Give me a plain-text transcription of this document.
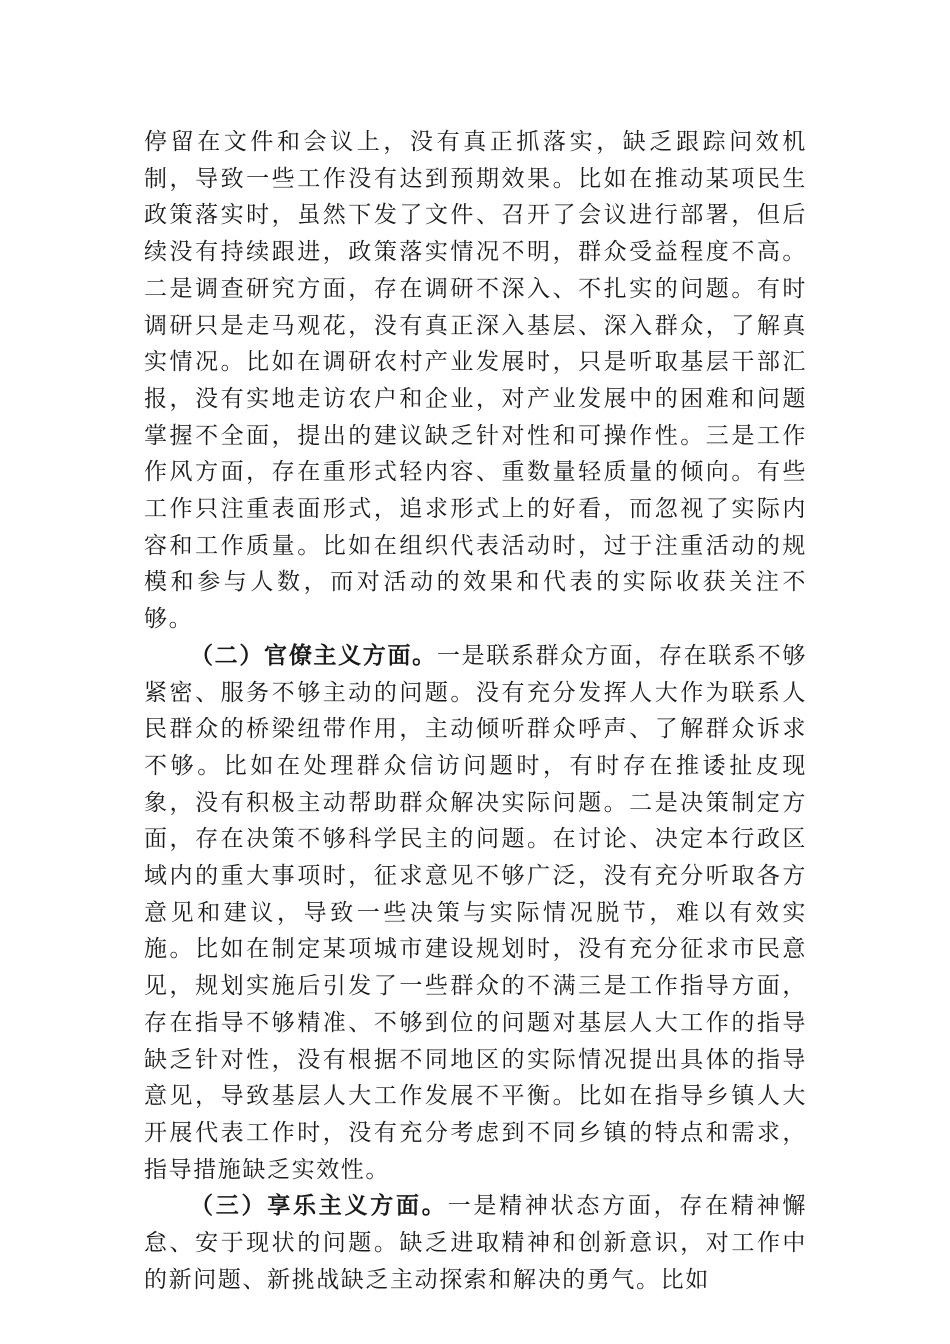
停留在文件和会议上，没有真正抓落实，缺乏跟踪问效机制，导致一些工作没有达到预期效果。比如在推动某项民生政策落实时，虽然下发了文件、召开了会议进行部署，但后续没有持续跟进，政策落实情况不明，群众受益程度不高。二是调查研究方面，存在调研不深入、不扎实的问题。有时调研只是走马观花，没有真正深入基层、深入群众，了解真实情况。比如在调研农村产业发展时，只是听取基层干部汇报，没有实地走访农户和企业，对产业发展中的困难和问题掌握不全面，提出的建议缺乏针对性和可操作性。三是工作作风方面，存在重形式轻内容、重数量轻质量的倾向。有些工作只注重表面形式，追求形式上的好看，而忽视了实际内容和工作质量。比如在组织代表活动时，过于注重活动的规模和参与人数，而对活动的效果和代表的实际收获关注不够。

（二）官僚主义方面。一是联系群众方面，存在联系不够紧密、服务不够主动的问题。没有充分发挥人大作为联系人民群众的桥梁纽带作用，主动倾听群众呼声、了解群众诉求不够。比如在处理群众信访问题时，有时存在推诿扯皮现象，没有积极主动帮助群众解决实际问题。二是决策制定方面，存在决策不够科学民主的问题。在讨论、决定本行政区域内的重大事项时，征求意见不够广泛，没有充分听取各方意见和建议，导致一些决策与实际情况脱节，难以有效实施。比如在制定某项城市建设规划时，没有充分征求市民意见，规划实施后引发了一些群众的不满三是工作指导方面，存在指导不够精准、不够到位的问题对基层人大工作的指导缺乏针对性，没有根据不同地区的实际情况提出具体的指导意见，导致基层人大工作发展不平衡。比如在指导乡镇人大开展代表工作时，没有充分考虑到不同乡镇的特点和需求，指导措施缺乏实效性。

（三）享乐主义方面。一是精神状态方面，存在精神懈怠、安于现状的问题。缺乏进取精神和创新意识，对工作中的新问题、新挑战缺乏主动探索和解决的勇气。比如
